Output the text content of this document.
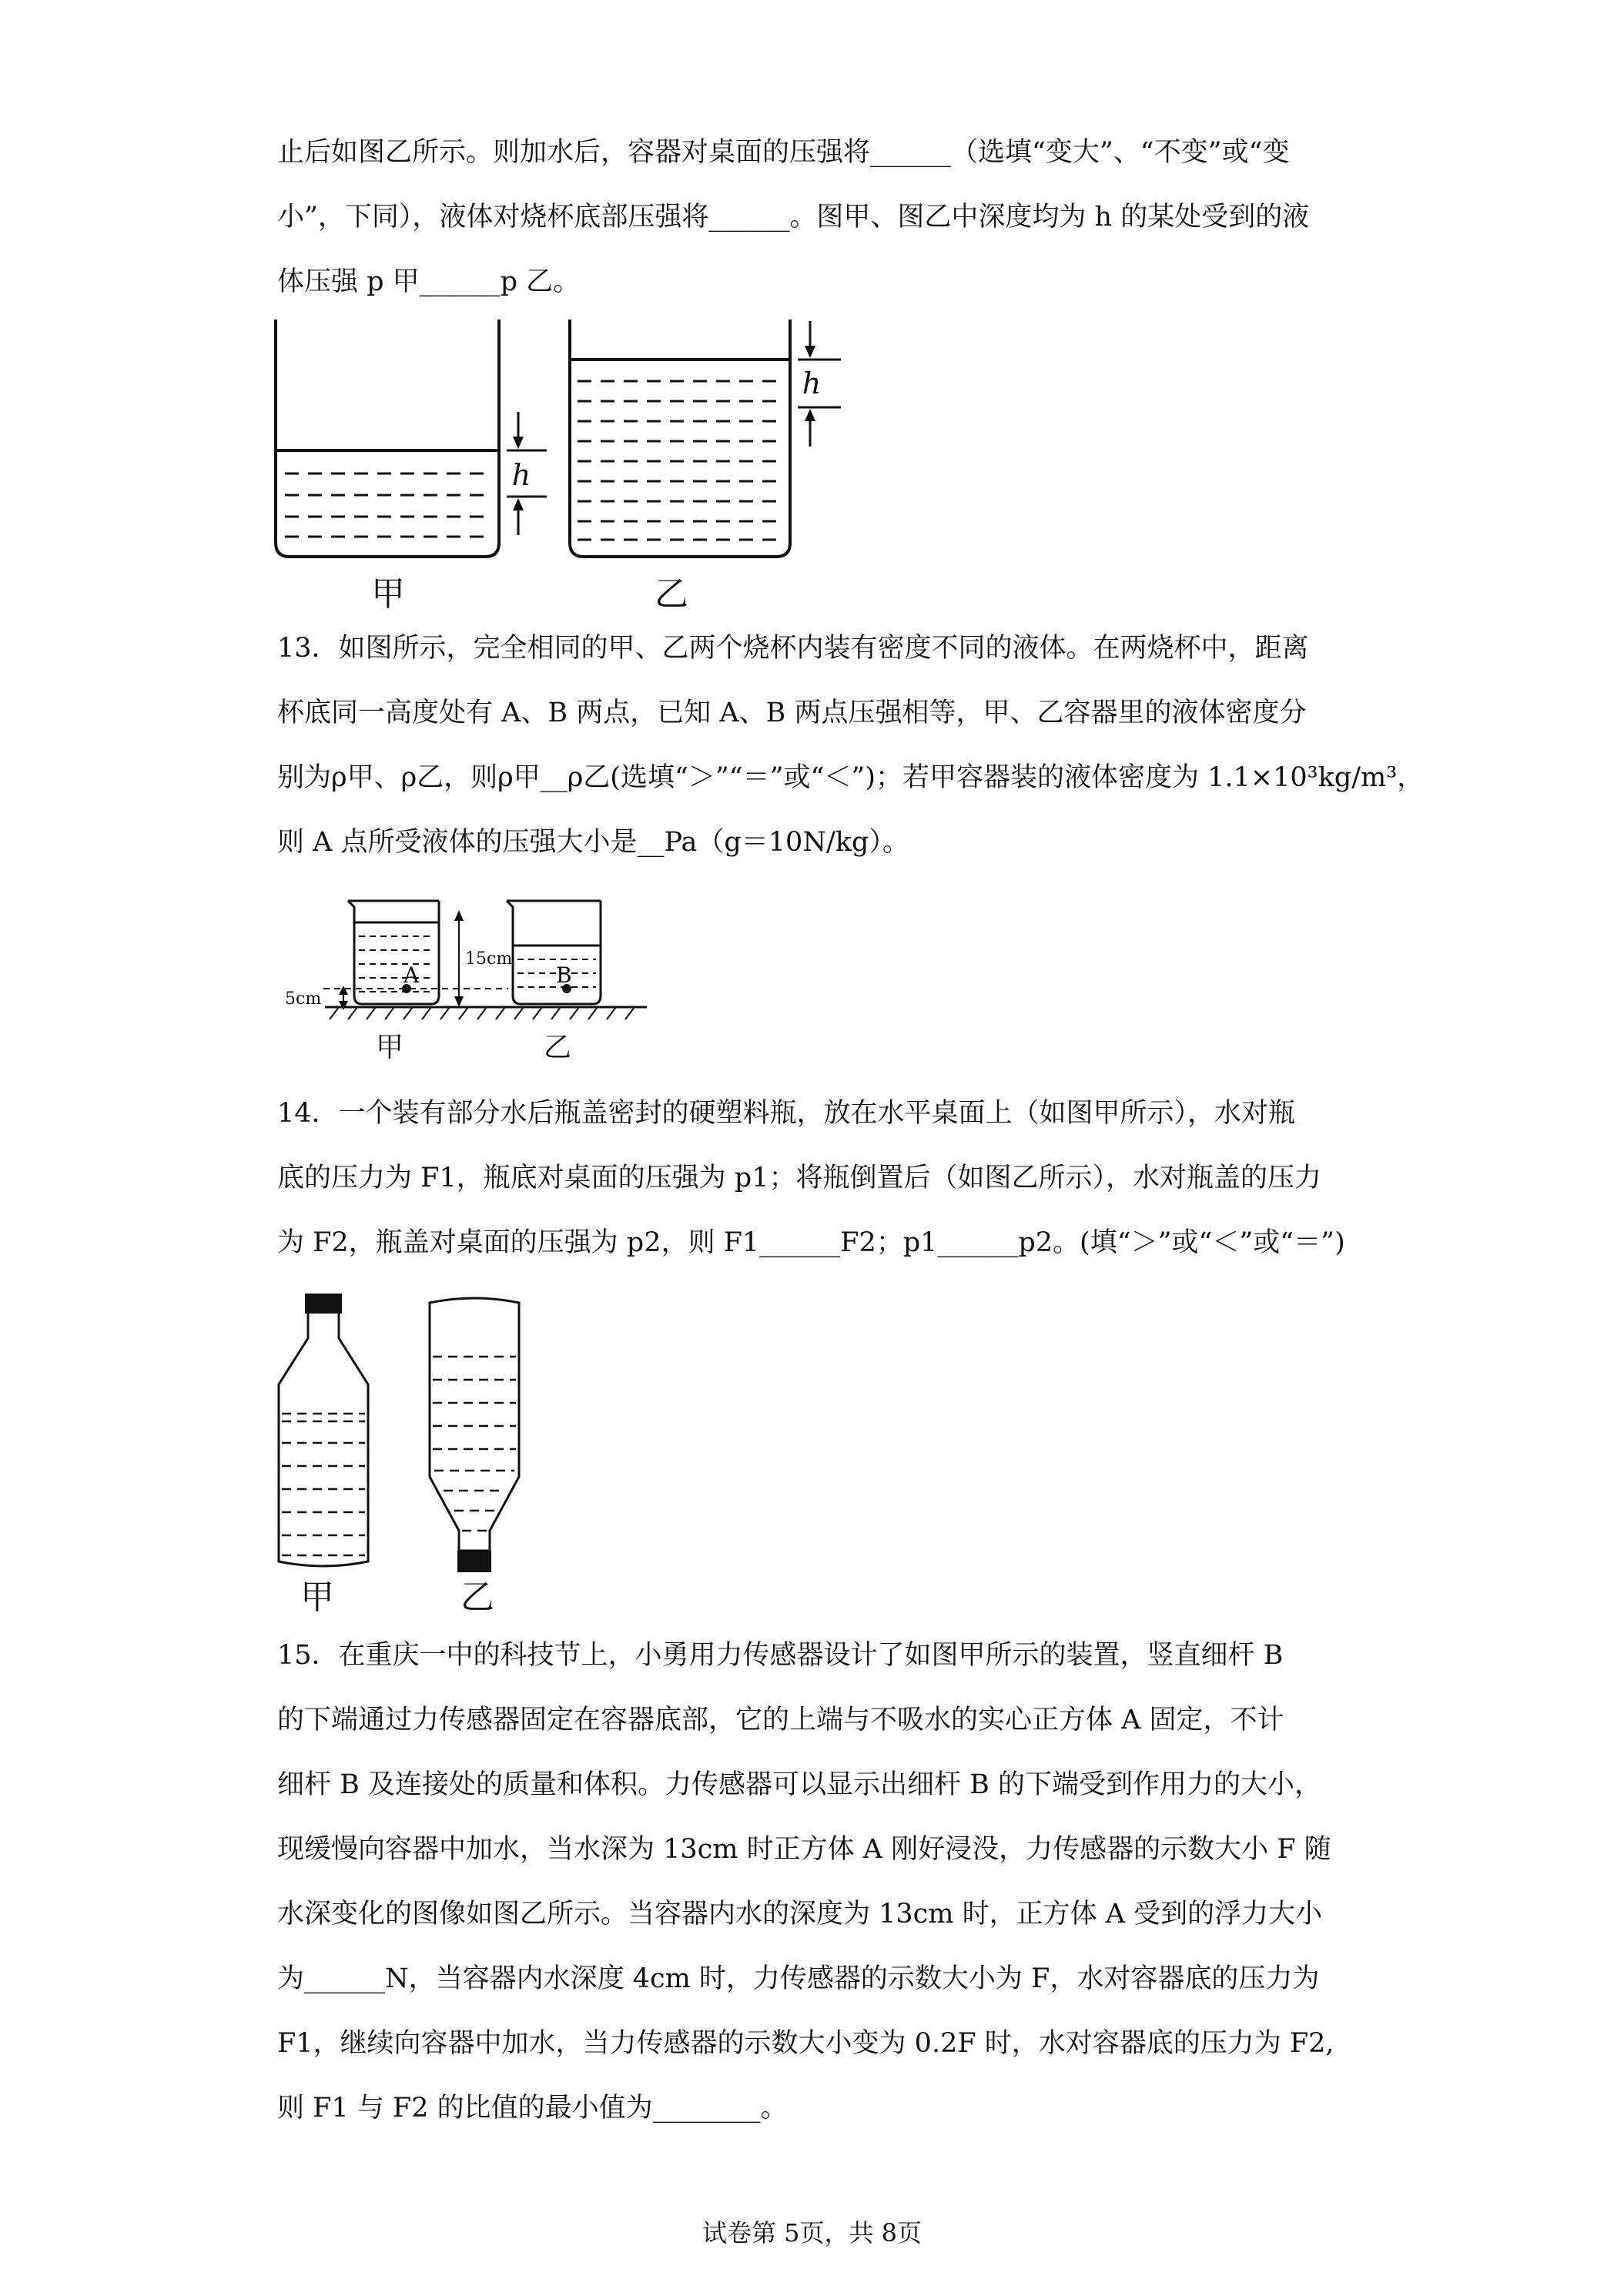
止后如图乙所示。则加水后，容器对桌面的压强将______（选填“变大”、“不变”或“变
小”，下同），液体对烧杯底部压强将______。图甲、图乙中深度均为 h 的某处受到的液
体压强 p 甲______p 乙。
h
h
甲	乙
13．如图所示，完全相同的甲、乙两个烧杯内装有密度不同的液体。在两烧杯中，距离
杯底同一高度处有 A、B 两点，已知 A、B 两点压强相等，甲、乙容器里的液体密度分
别为ρ甲、ρ乙，则ρ甲__ρ乙(选填“＞”“＝”或“＜”)；若甲容器装的液体密度为 1.1×10³kg/m³，
则 A 点所受液体的压强大小是__Pa（g＝10N/kg）。
A	B
15cm
5cm
甲	乙
14．一个装有部分水后瓶盖密封的硬塑料瓶，放在水平桌面上（如图甲所示），水对瓶
底的压力为 F1，瓶底对桌面的压强为 p1；将瓶倒置后（如图乙所示），水对瓶盖的压力
为 F2，瓶盖对桌面的压强为 p2，则 F1______F2；p1______p2。(填“＞”或“＜”或“＝”)
甲	乙
15．在重庆一中的科技节上，小勇用力传感器设计了如图甲所示的装置，竖直细杆 B
的下端通过力传感器固定在容器底部，它的上端与不吸水的实心正方体 A 固定，不计
细杆 B 及连接处的质量和体积。力传感器可以显示出细杆 B 的下端受到作用力的大小，
现缓慢向容器中加水，当水深为 13cm 时正方体 A 刚好浸没，力传感器的示数大小 F 随
水深变化的图像如图乙所示。当容器内水的深度为 13cm 时，正方体 A 受到的浮力大小
为______N，当容器内水深度 4cm 时，力传感器的示数大小为 F，水对容器底的压力为
F1，继续向容器中加水，当力传感器的示数大小变为 0.2F 时，水对容器底的压力为 F2,
则 F1 与 F2 的比值的最小值为________。
试卷第 5页，共 8页
